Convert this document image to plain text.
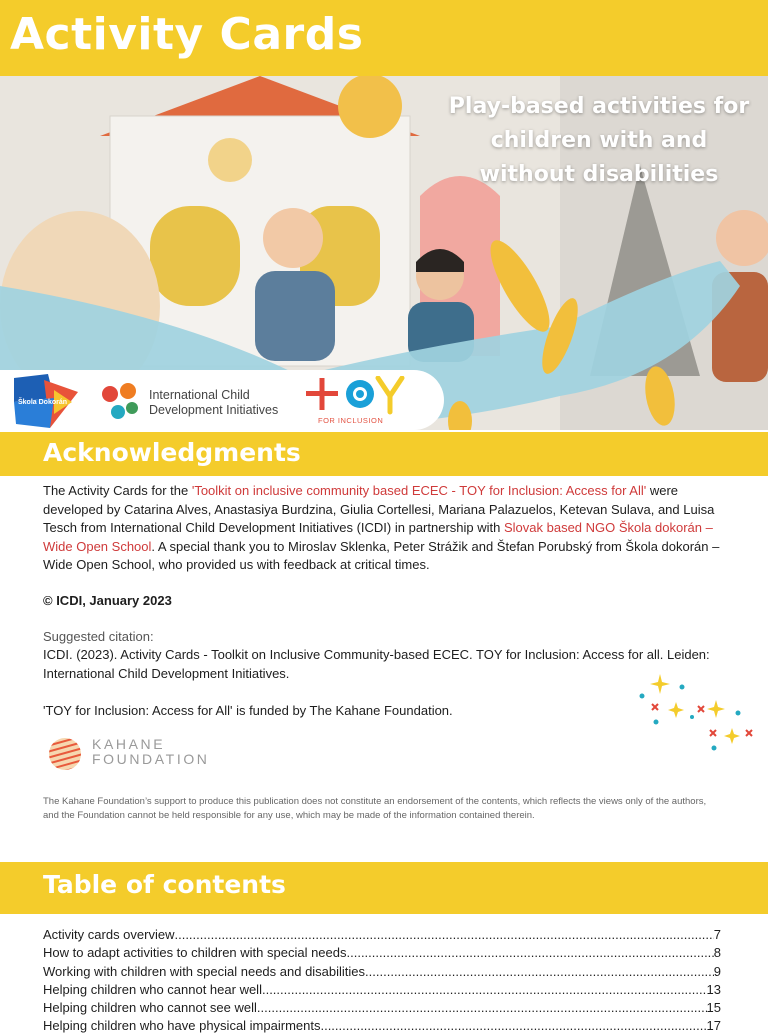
Activity Cards

Play-based activities for children with and without disabilities

Škola Dokorán
International Child
Development Initiatives
FOR INCLUSION
Acknowledgments

The Activity Cards for the 'Toolkit on inclusive community based ECEC - TOY for Inclusion: Access for All' were developed by Catarina Alves, Anastasiya Burdzina, Giulia Cortellesi, Mariana Palazuelos, Ketevan Sulava, and Luisa Tesch from International Child Development Initiatives (ICDI) in partnership with Slovak based NGO Škola dokorán – Wide Open School. A special thank you to Miroslav Sklenka, Peter Strážik and Štefan Porubský from Škola dokorán – Wide Open School, who provided us with feedback at critical times.

© ICDI, January 2023

Suggested citation:

ICDI. (2023). Activity Cards - Toolkit on Inclusive Community-based ECEC. TOY for Inclusion: Access for all. Leiden: International Child Development Initiatives.

'TOY for Inclusion: Access for All' is funded by The Kahane Foundation.

KAHANE
FOUNDATION

The Kahane Foundation’s support to produce this publication does not constitute an endorsement of the contents, which reflects the views only of the authors, and the Foundation cannot be held responsible for any use, which may be made of the information contained therein.

Table of contents
Activity cards overview .....	7
How to adapt activities to children with special needs .....	8
Working with children with special needs and disabilities .....	9
Helping children who cannot hear well .....	13
Helping children who cannot see well .....	15
Helping children who have physical impairments .....	17
